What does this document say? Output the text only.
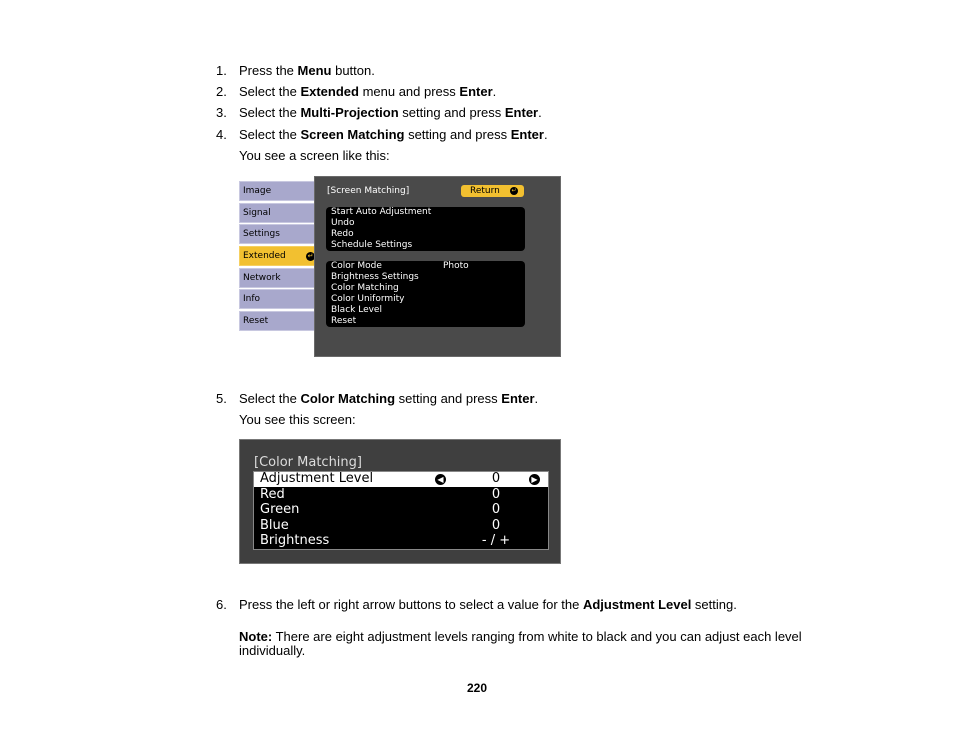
1. Press the Menu button.
2. Select the Extended menu and press Enter.
3. Select the Multi-Projection setting and press Enter.
4. Select the Screen Matching setting and press Enter.
You see a screen like this:
Image
Signal
Settings
Extended	↵
Network
Info
Reset
[Screen Matching]	Return ↵
Start Auto Adjustment
Undo
Redo
Schedule Settings
Color Mode	Photo
Brightness Settings
Color Matching
Color Uniformity
Black Level
Reset
5. Select the Color Matching setting and press Enter.
You see this screen:
[Color Matching]
Adjustment Level	◀	0	▶
Red	0
Green	0
Blue	0
Brightness	- / +
6. Press the left or right arrow buttons to select a value for the Adjustment Level setting.
Note: There are eight adjustment levels ranging from white to black and you can adjust each level
individually.
220
